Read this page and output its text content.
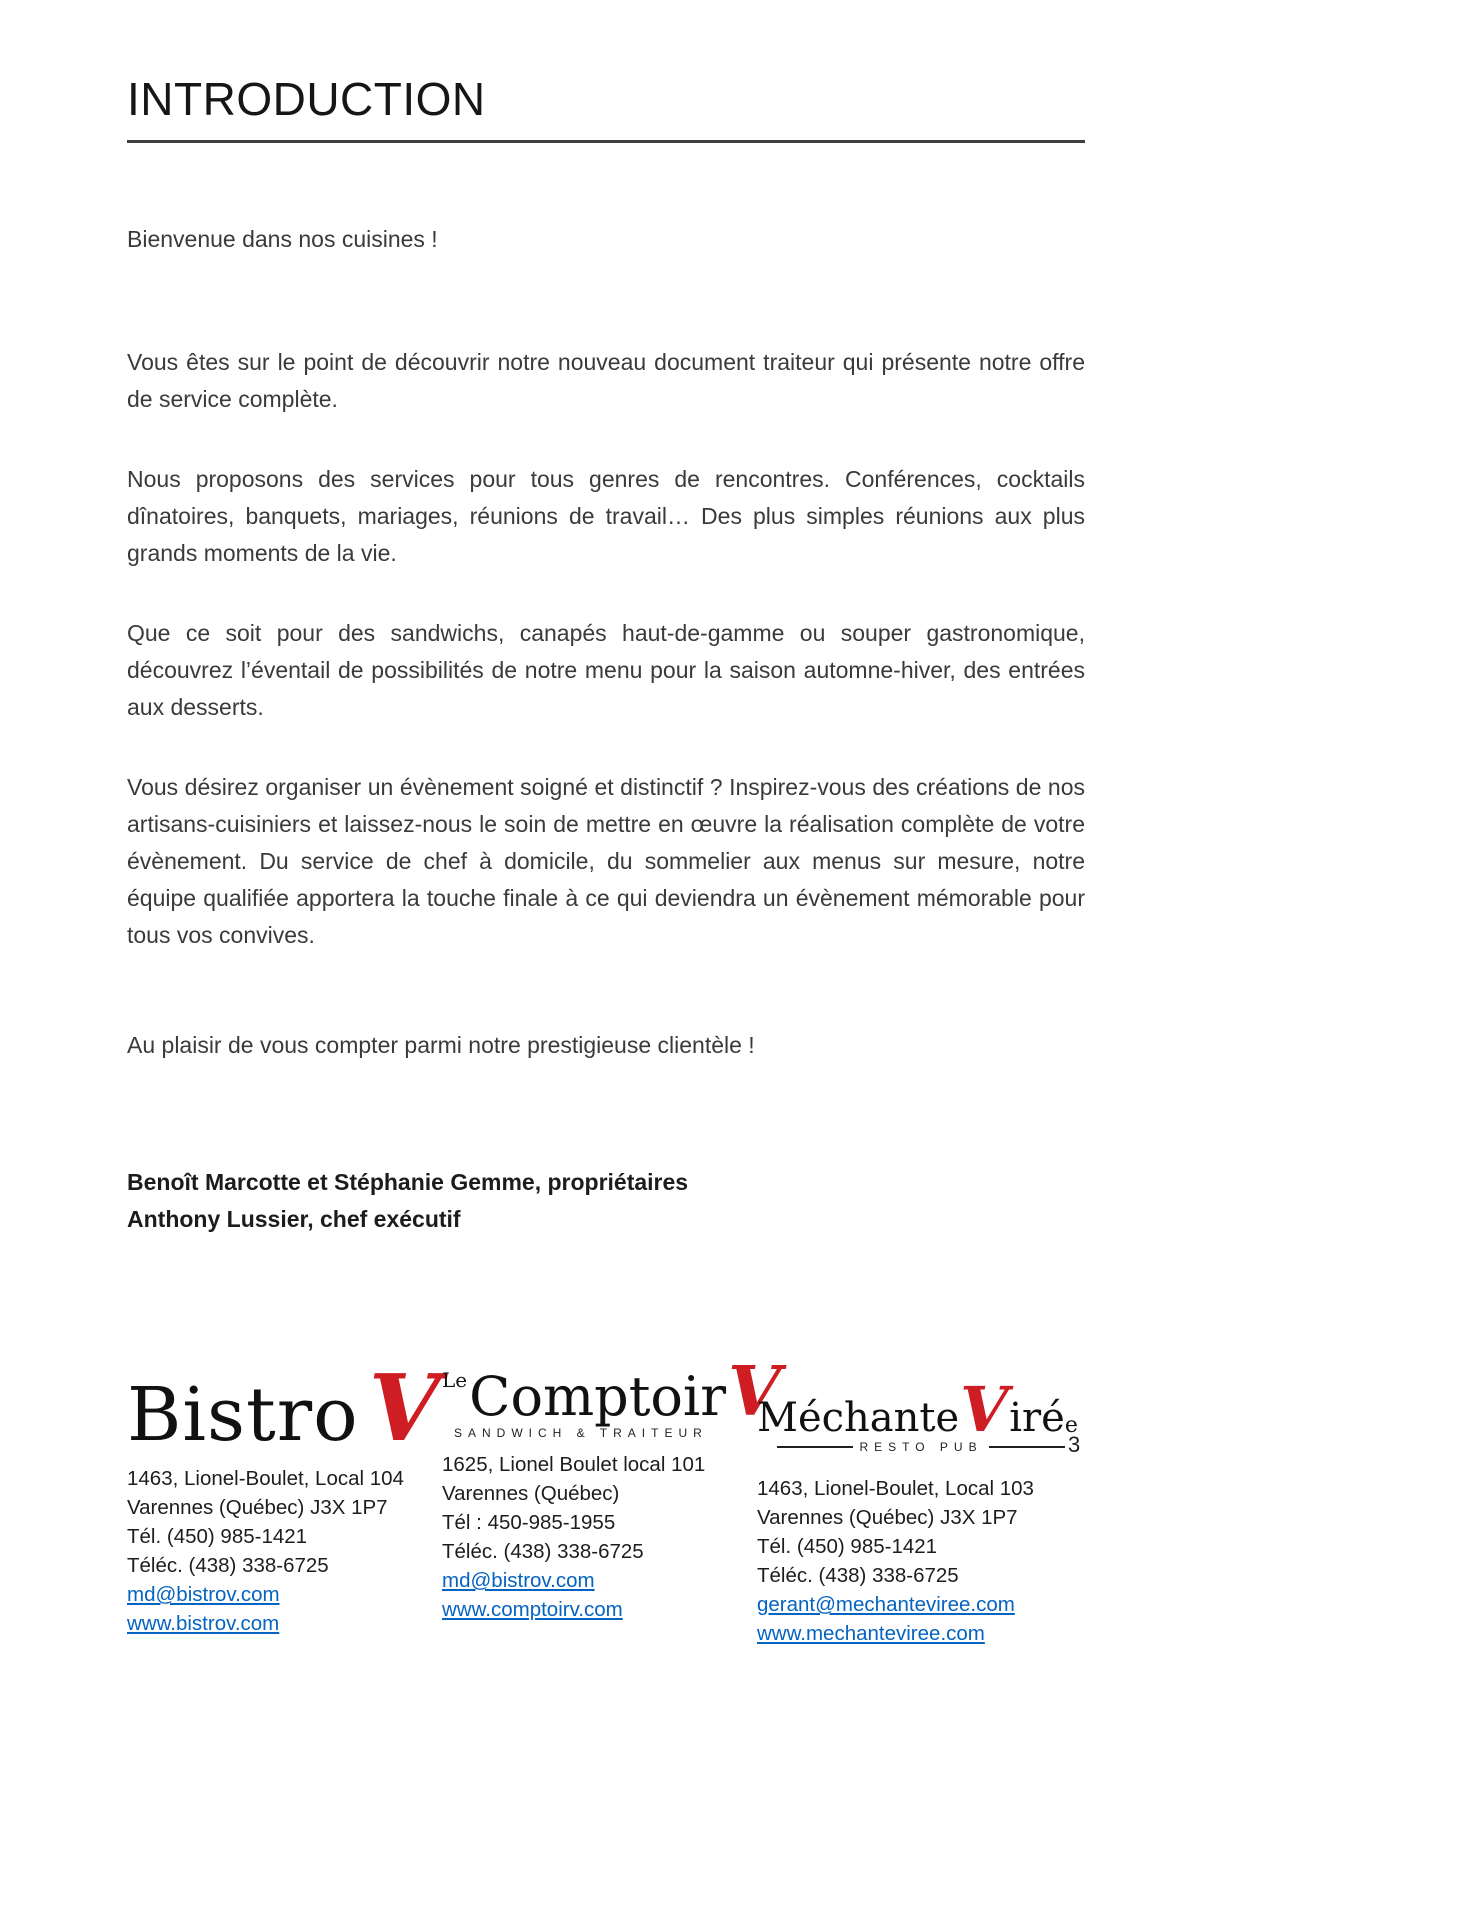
INTRODUCTION

Bienvenue dans nos cuisines !

Vous êtes sur le point de découvrir notre nouveau document traiteur qui présente notre offre de service complète.

Nous proposons des services pour tous genres de rencontres. Conférences, cocktails dînatoires, banquets, mariages, réunions de travail… Des plus simples réunions aux plus grands moments de la vie.

Que ce soit pour des sandwichs, canapés haut-de-gamme ou souper gastronomique, découvrez l’éventail de possibilités de notre menu pour la saison automne-hiver, des entrées aux desserts.

Vous désirez organiser un évènement soigné et distinctif ? Inspirez-vous des créations de nos artisans-cuisiniers et laissez-nous le soin de mettre en œuvre la réalisation complète de votre évènement. Du service de chef à domicile, du sommelier aux menus sur mesure, notre équipe qualifiée apportera la touche finale à ce qui deviendra un évènement mémorable pour tous vos convives.

Au plaisir de vous compter parmi notre prestigieuse clientèle !

Benoît Marcotte et Stéphanie Gemme, propriétaires
Anthony Lussier, chef exécutif
Bistro V
1463, Lionel-Boulet, Local 104
Varennes (Québec) J3X 1P7
Tél. (450) 985-1421
Téléc. (438) 338-6725
md@bistrov.com
www.bistrov.com
Le Comptoir V
SANDWICH & TRAITEUR
1625, Lionel Boulet local 101
Varennes (Québec)
Tél : 450-985-1955
Téléc. (438) 338-6725
md@bistrov.com
www.comptoirv.com
Méchante V iré e
RESTO PUB
1463, Lionel-Boulet, Local 103
Varennes (Québec) J3X 1P7
Tél. (450) 985-1421
Téléc. (438) 338-6725
gerant@mechanteviree.com
www.mechanteviree.com
3
